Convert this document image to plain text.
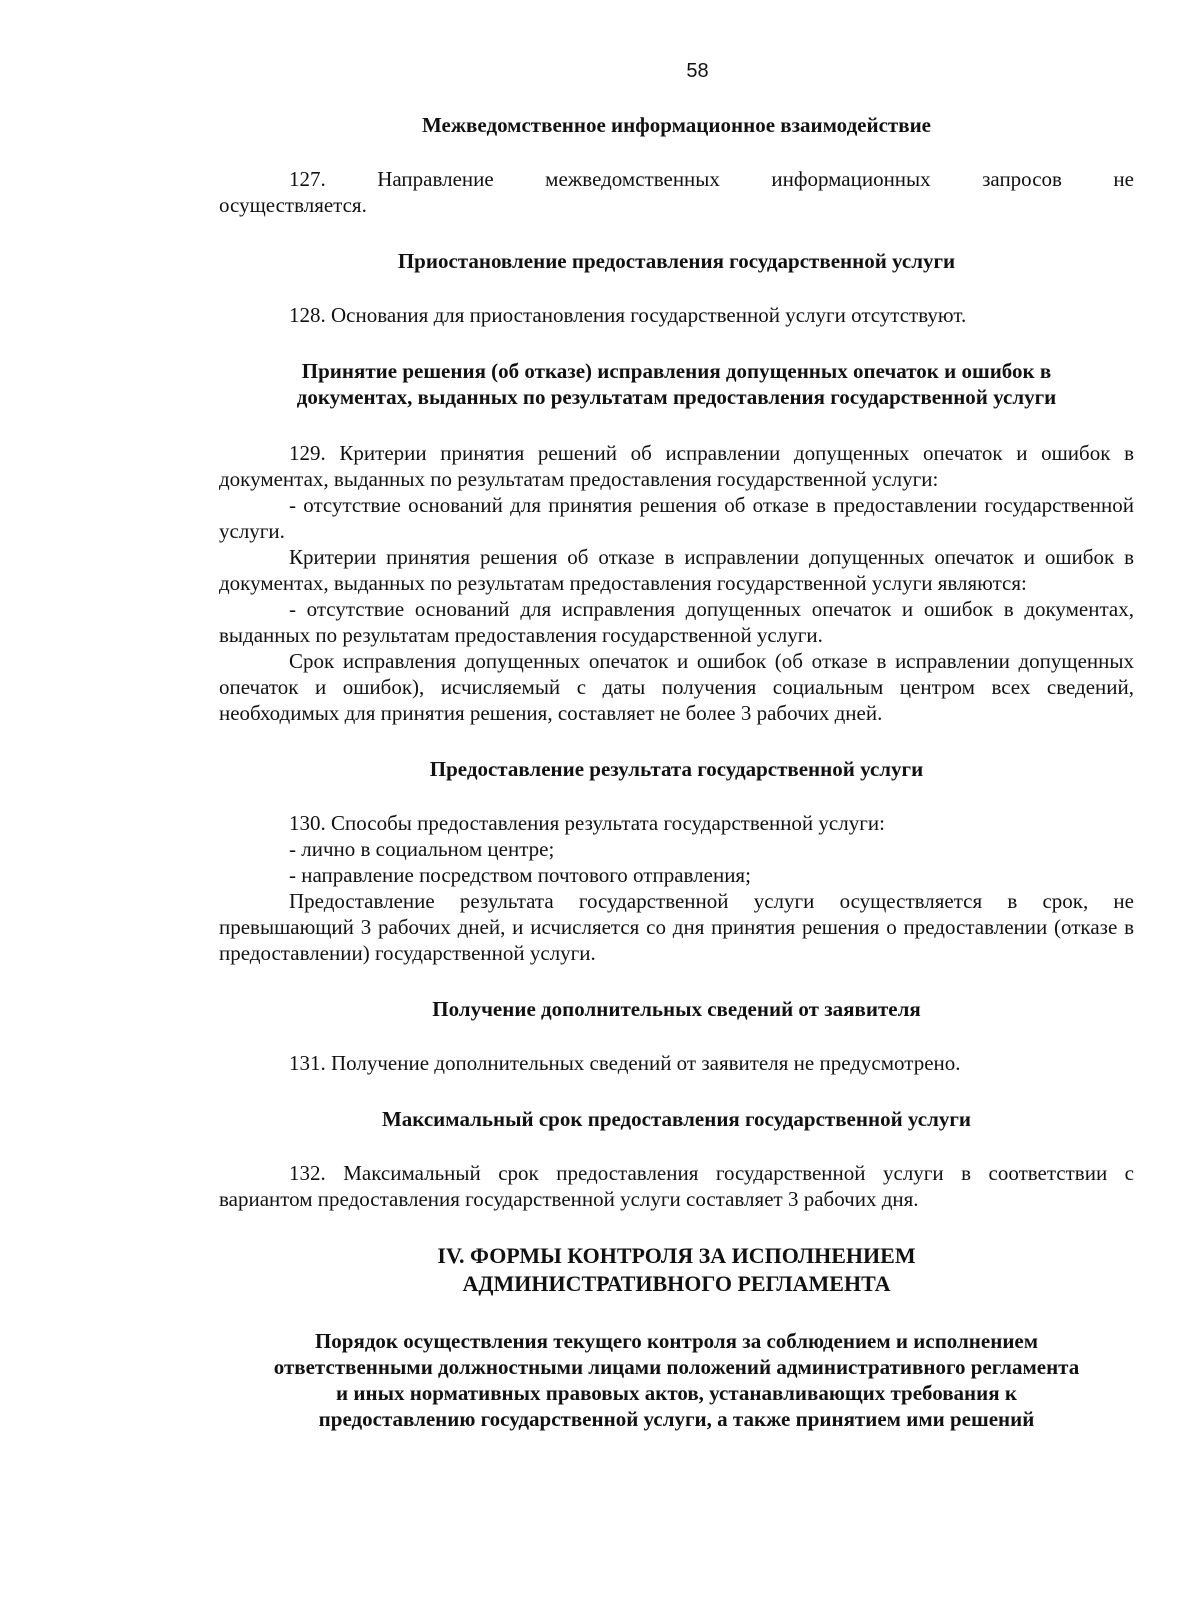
58

Межведомственное информационное взаимодействие

127. Направление межведомственных информационных запросов не
осуществляется.

Приостановление предоставления государственной услуги

128. Основания для приостановления государственной услуги отсутствуют.

Принятие решения (об отказе) исправления допущенных опечаток и ошибок в

документах, выданных по результатам предоставления государственной услуги

129. Критерии принятия решений об исправлении допущенных опечаток и ошибок в документах, выданных по результатам предоставления государственной услуги:

- отсутствие оснований для принятия решения об отказе в предоставлении государственной услуги.

Критерии принятия решения об отказе в исправлении допущенных опечаток и ошибок в документах, выданных по результатам предоставления государственной услуги являются:

- отсутствие оснований для исправления допущенных опечаток и ошибок в документах, выданных по результатам предоставления государственной услуги.

Срок исправления допущенных опечаток и ошибок (об отказе в исправлении допущенных опечаток и ошибок), исчисляемый с даты получения социальным центром всех сведений, необходимых для принятия решения, составляет не более 3 рабочих дней.

Предоставление результата государственной услуги

130. Способы предоставления результата государственной услуги:

- лично в социальном центре;

- направление посредством почтового отправления;

Предоставление результата государственной услуги осуществляется в срок, не превышающий 3 рабочих дней, и исчисляется со дня принятия решения о предоставлении (отказе в предоставлении) государственной услуги.

Получение дополнительных сведений от заявителя

131. Получение дополнительных сведений от заявителя не предусмотрено.

Максимальный срок предоставления государственной услуги

132. Максимальный срок предоставления государственной услуги в соответствии с вариантом предоставления государственной услуги составляет 3 рабочих дня.

IV. ФОРМЫ КОНТРОЛЯ ЗА ИСПОЛНЕНИЕМ

АДМИНИСТРАТИВНОГО РЕГЛАМЕНТА

Порядок осуществления текущего контроля за соблюдением и исполнением

ответственными должностными лицами положений административного регламента

и иных нормативных правовых актов, устанавливающих требования к

предоставлению государственной услуги, а также принятием ими решений
